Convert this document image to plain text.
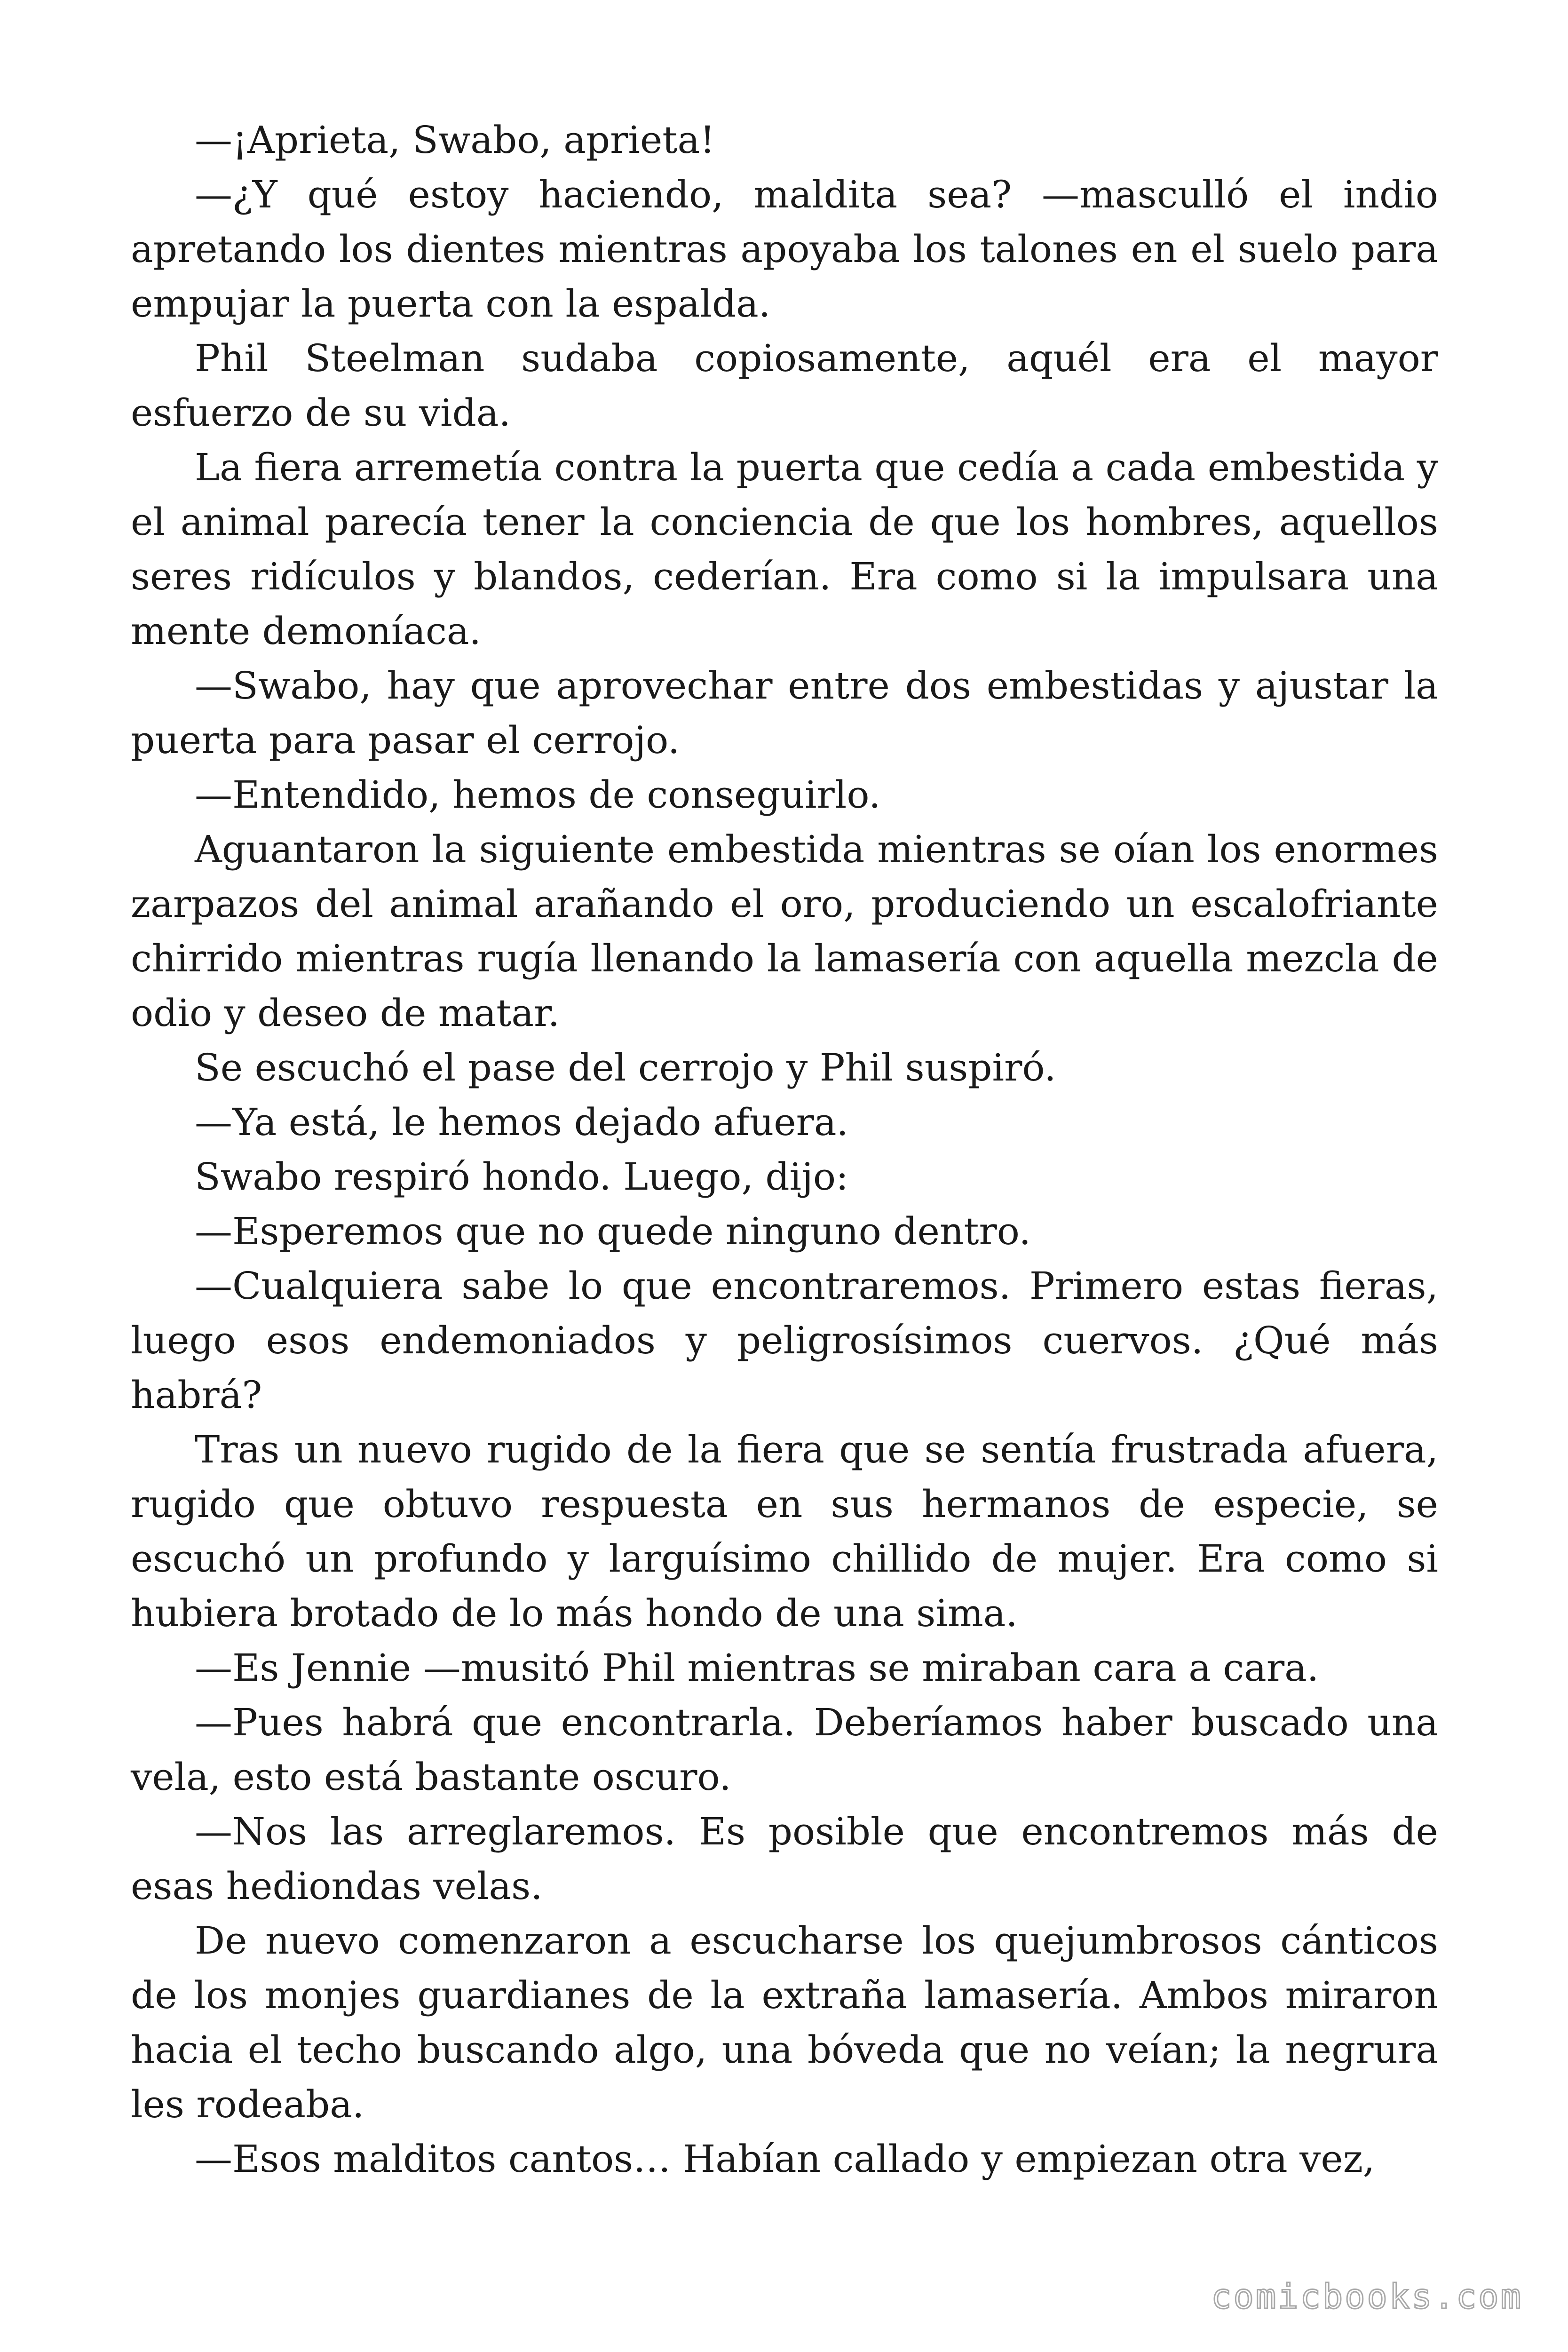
—¡Aprieta, Swabo, aprieta!

—¿Y qué estoy haciendo, maldita sea? —masculló el indio apretando los dientes mientras apoyaba los talones en el suelo para empujar la puerta con la espalda.

Phil Steelman sudaba copiosamente, aquél era el mayor esfuerzo de su vida.

La fiera arremetía contra la puerta que cedía a cada embestida y el animal parecía tener la conciencia de que los hombres, aquellos seres ridículos y blandos, cederían. Era como si la impulsara una mente demoníaca.

—Swabo, hay que aprovechar entre dos embestidas y ajustar la puerta para pasar el cerrojo.

—Entendido, hemos de conseguirlo.

Aguantaron la siguiente embestida mientras se oían los enormes zarpazos del animal arañando el oro, produciendo un escalofriante chirrido mientras rugía llenando la lamasería con aquella mezcla de odio y deseo de matar.

Se escuchó el pase del cerrojo y Phil suspiró.

—Ya está, le hemos dejado afuera.

Swabo respiró hondo. Luego, dijo:

—Esperemos que no quede ninguno dentro.

—Cualquiera sabe lo que encontraremos. Primero estas fieras, luego esos endemoniados y peligrosísimos cuervos. ¿Qué más habrá?

Tras un nuevo rugido de la fiera que se sentía frustrada afuera, rugido que obtuvo respuesta en sus hermanos de especie, se escuchó un profundo y larguísimo chillido de mujer. Era como si hubiera brotado de lo más hondo de una sima.

—Es Jennie —musitó Phil mientras se miraban cara a cara.

—Pues habrá que encontrarla. Deberíamos haber buscado una vela, esto está bastante oscuro.

—Nos las arreglaremos. Es posible que encontremos más de esas hediondas velas.

De nuevo comenzaron a escucharse los quejumbrosos cánticos de los monjes guardianes de la extraña lamasería. Ambos miraron hacia el techo buscando algo, una bóveda que no veían; la negrura les rodeaba.

—Esos malditos cantos… Habían callado y empiezan otra vez,

comicbooks.com
